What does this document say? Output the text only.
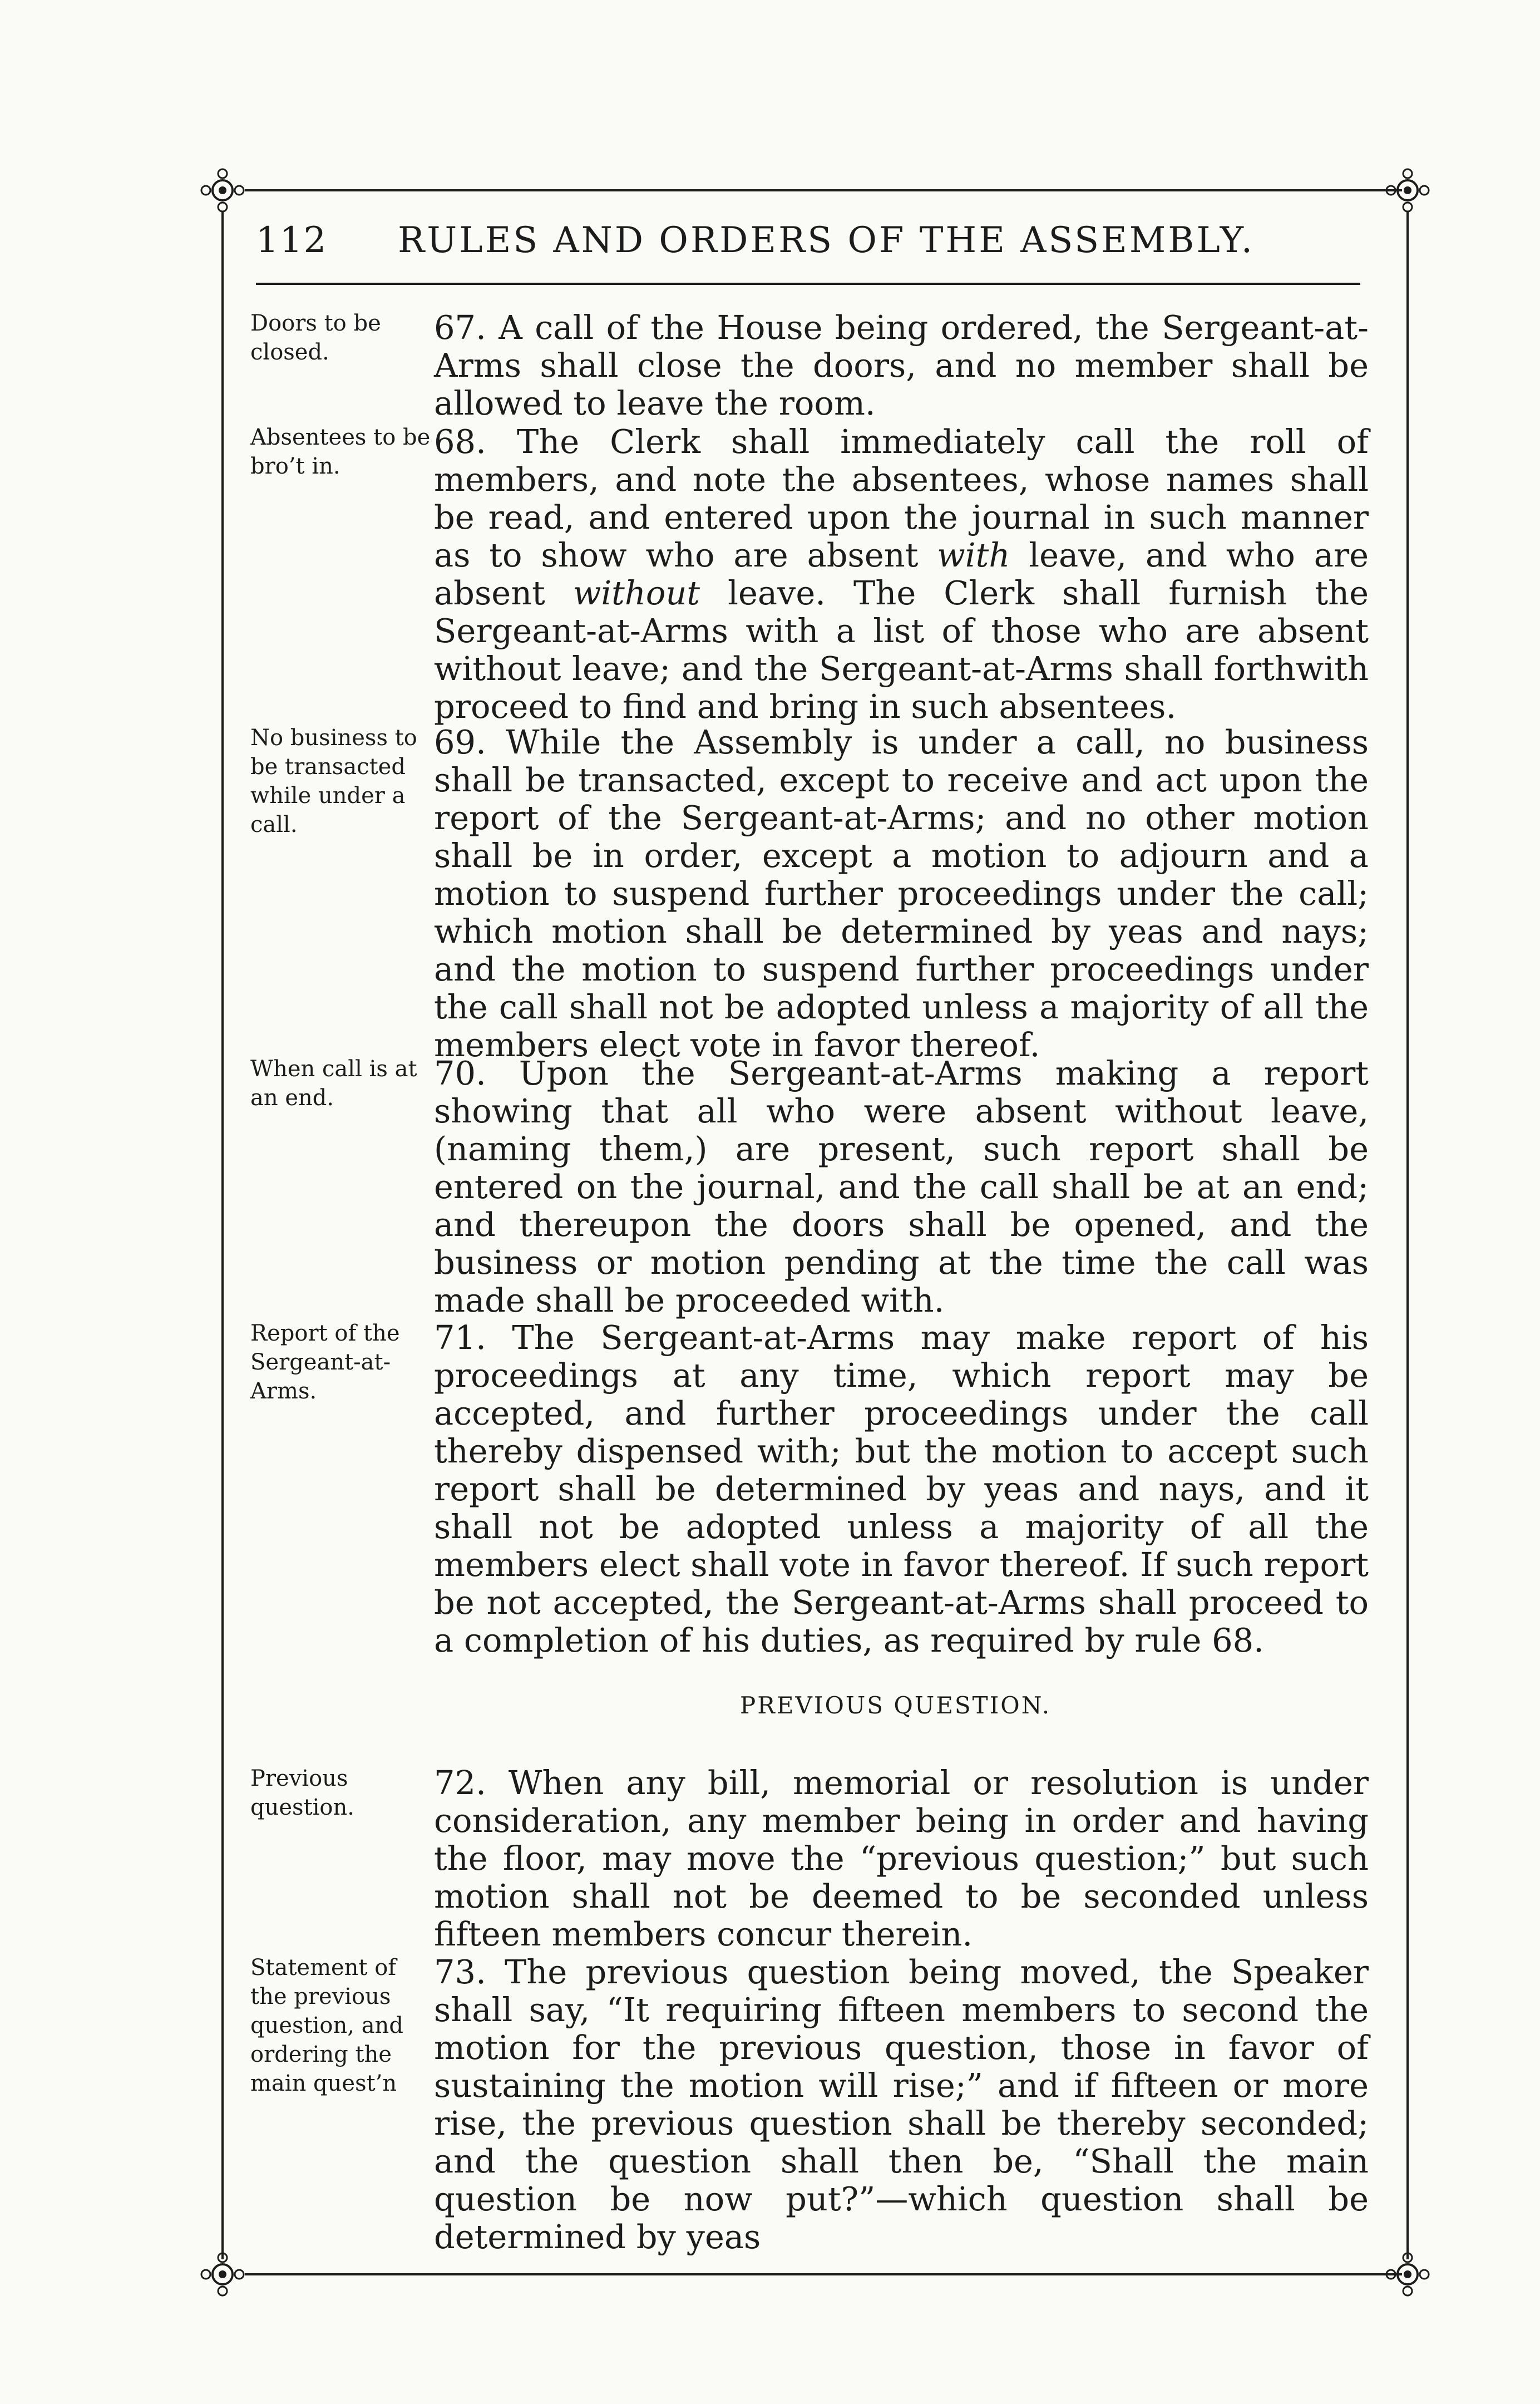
112 RULES AND ORDERS OF THE ASSEMBLY.
Doors to be closed.
67. A call of the House being ordered, the Sergeant-at-Arms shall close the doors, and no member shall be allowed to leave the room.
Absentees to be bro’t in.
68. The Clerk shall immediately call the roll of members, and note the absentees, whose names shall be read, and entered upon the journal in such manner as to show who are absent with leave, and who are absent without leave. The Clerk shall furnish the Sergeant-at-Arms with a list of those who are absent without leave; and the Sergeant-at-Arms shall forthwith proceed to find and bring in such absentees.
No business to be transacted while under a call.
69. While the Assembly is under a call, no business shall be transacted, except to receive and act upon the report of the Sergeant-at-Arms; and no other motion shall be in order, except a motion to adjourn and a motion to suspend further proceedings under the call; which motion shall be determined by yeas and nays; and the motion to suspend further proceedings under the call shall not be adopted unless a majority of all the members elect vote in favor thereof.
When call is at an end.
70. Upon the Sergeant-at-Arms making a report showing that all who were absent without leave, (naming them,) are present, such report shall be entered on the journal, and the call shall be at an end; and thereupon the doors shall be opened, and the business or motion pending at the time the call was made shall be proceeded with.
Report of the Sergeant-at-Arms.
71. The Sergeant-at-Arms may make report of his proceedings at any time, which report may be accepted, and further proceedings under the call thereby dispensed with; but the motion to accept such report shall be determined by yeas and nays, and it shall not be adopted unless a majority of all the members elect shall vote in favor thereof. If such report be not accepted, the Sergeant-at-Arms shall proceed to a completion of his duties, as required by rule 68.
PREVIOUS QUESTION.
Previous question.
72. When any bill, memorial or resolution is under consideration, any member being in order and having the floor, may move the “previous question;” but such motion shall not be deemed to be seconded unless fifteen members concur therein.
Statement of the previous question, and ordering the main quest’n
73. The previous question being moved, the Speaker shall say, “It requiring fifteen members to second the motion for the previous question, those in favor of sustaining the motion will rise;” and if fifteen or more rise, the previous question shall be thereby seconded; and the question shall then be, “Shall the main question be now put?”—which question shall be determined by yeas
